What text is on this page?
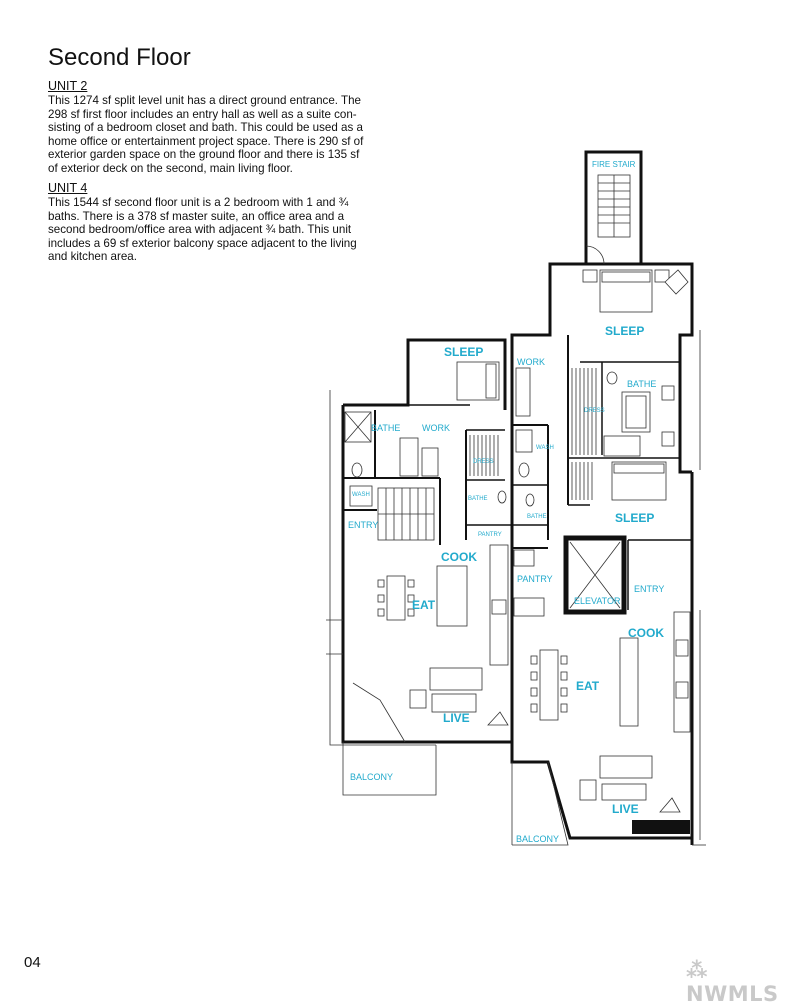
Second Floor
UNIT 2
This 1274 sf split level unit has a direct ground entrance. The
298 sf first floor includes an entry hall as well as a suite con-
sisting of a bedroom closet and bath. This could be used as a
home office or entertainment project space. There is 290 sf of
exterior garden space on the ground floor and there is 135 sf
of exterior deck on the second, main living floor.
UNIT 4
This 1544 sf second floor unit is a 2 bedroom with 1 and ¾
baths. There is a 378 sf master suite, an office area and a
second bedroom/office area with adjacent ¾ bath. This unit
includes a 69 sf exterior balcony space adjacent to the living
and kitchen area.
SLEEP
BATHE WORK
DRESS
WASH
ENTRY
BATHE
PANTRY
COOK
EAT
LIVE
BALCONY
FIRE STAIR
SLEEP
WORK
BATHE
DRESS
WASH
BATHE	SLEEP
PANTRY
ELEVATOR
ENTRY
COOK
EAT
LIVE
BALCONY
04	⁂NWMLS
